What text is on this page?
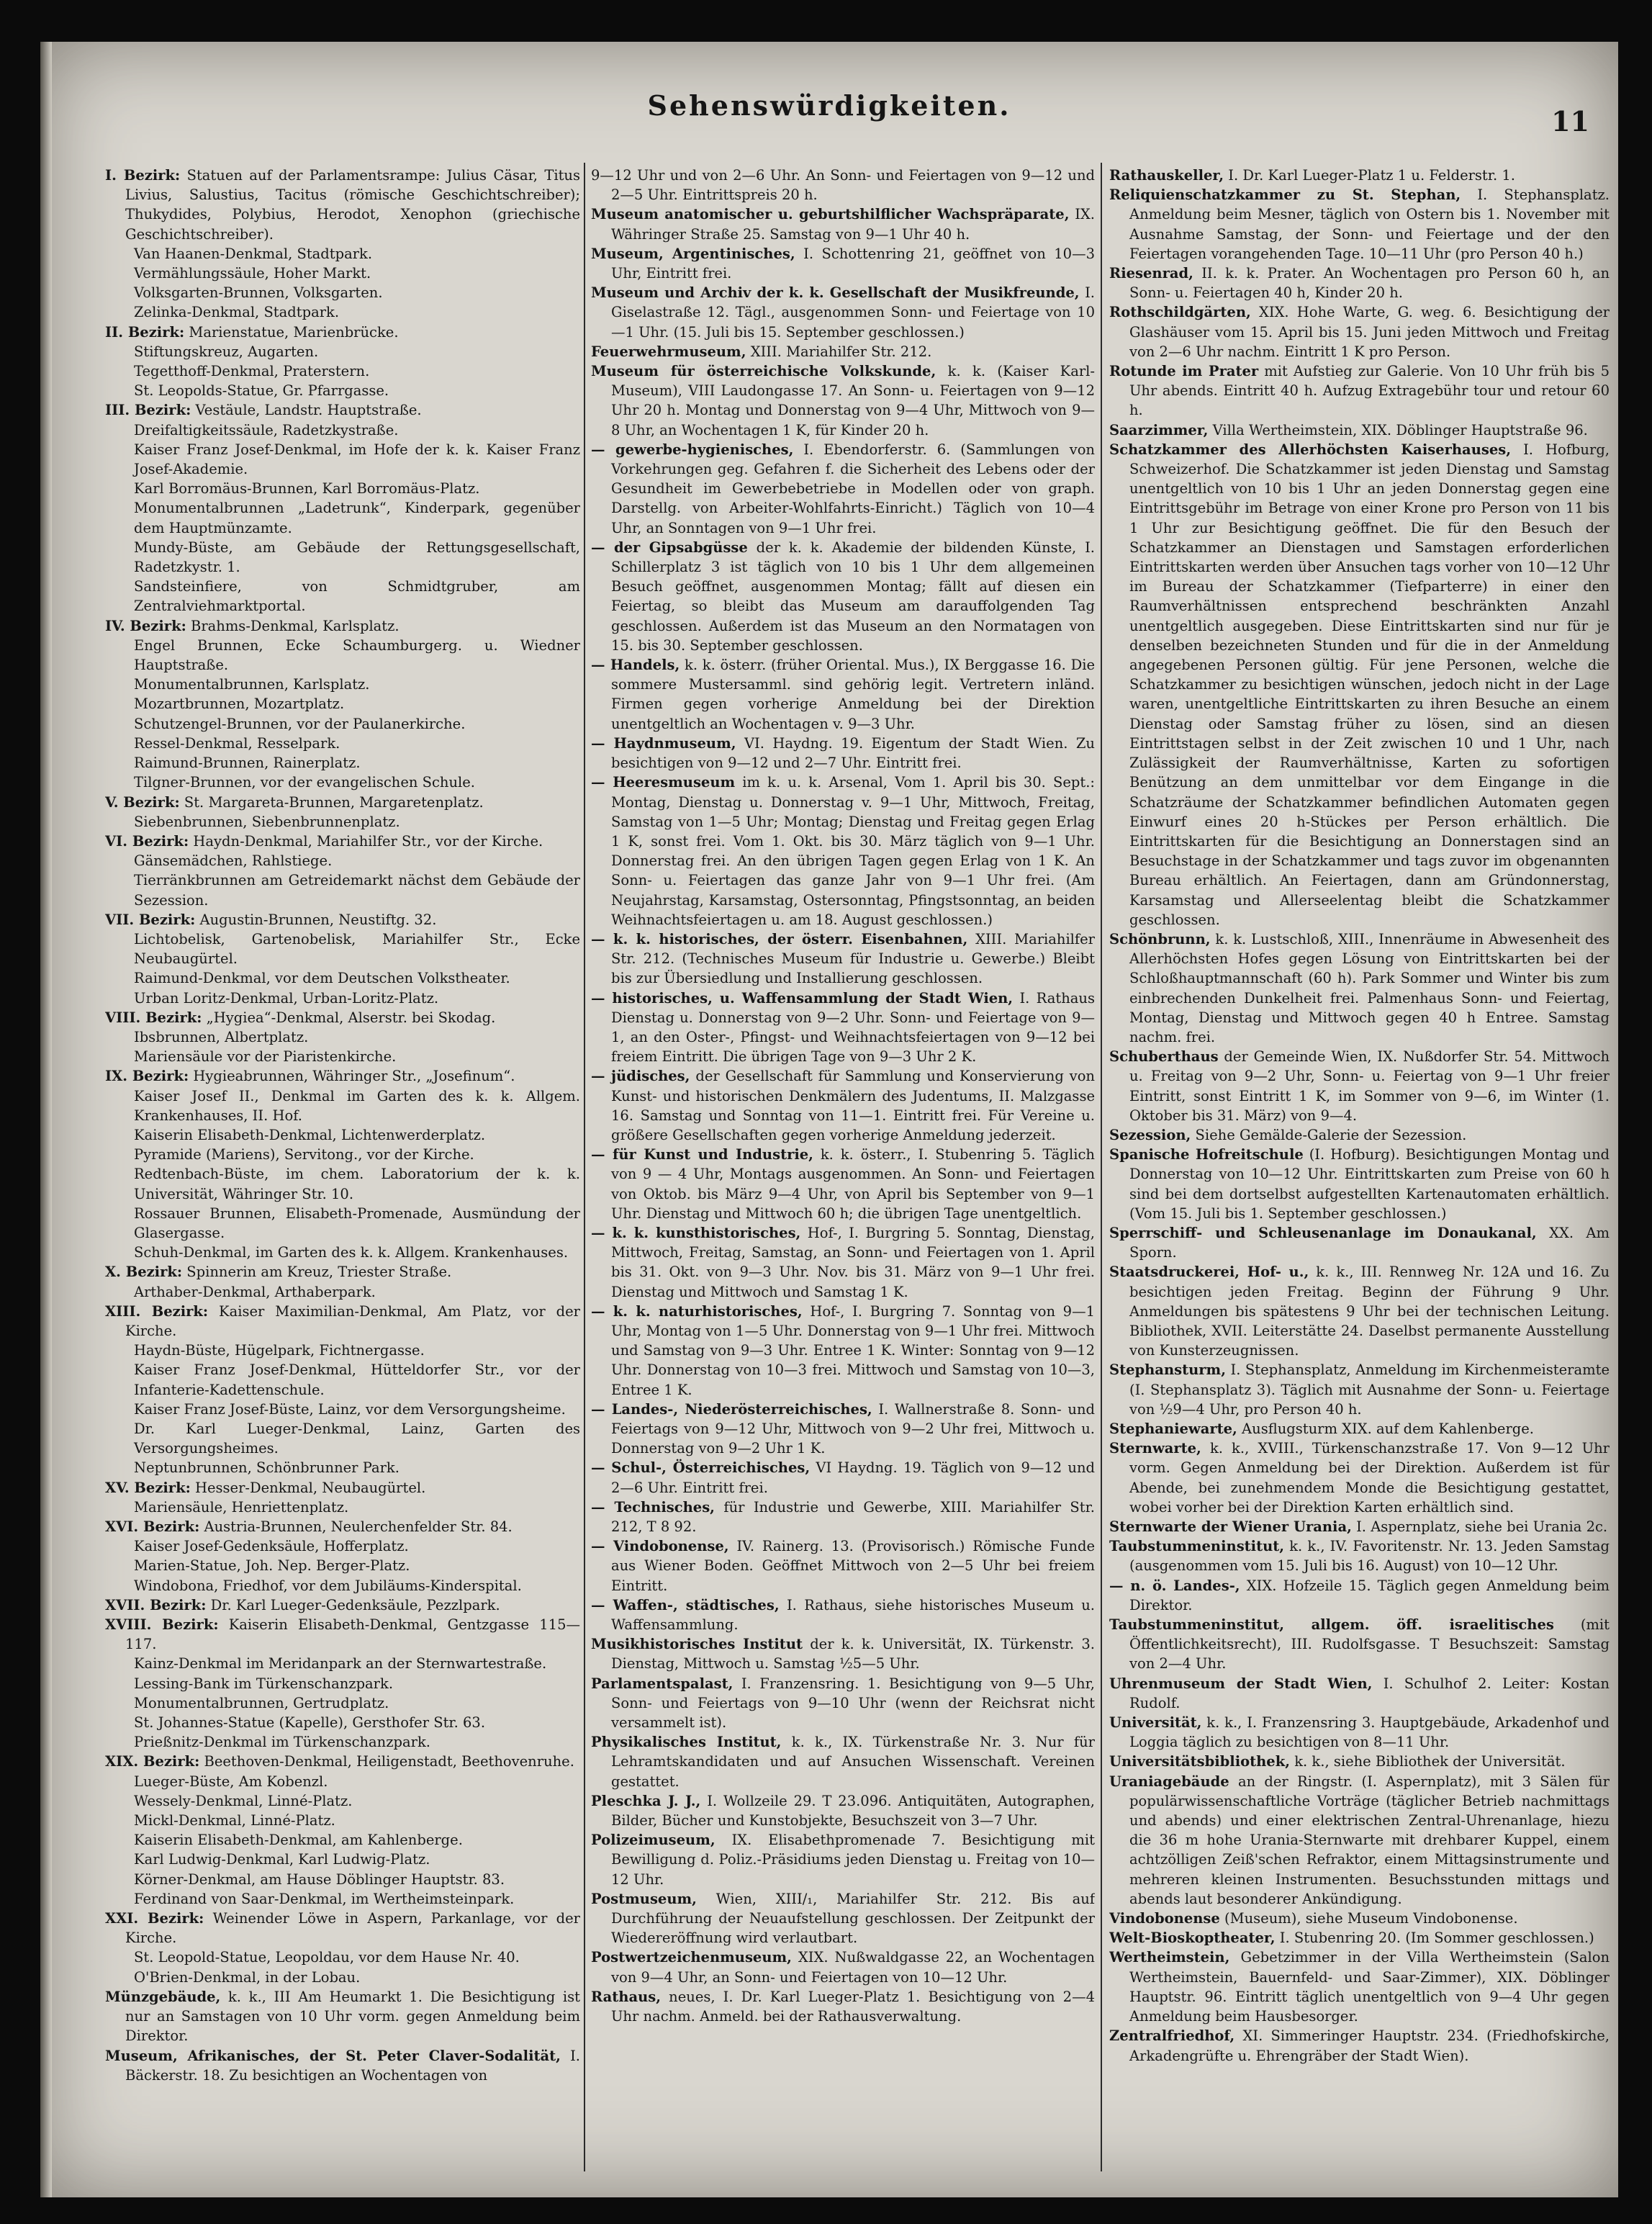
Sehenswürdigkeiten.	11

I. Bezirk: Statuen auf der Parlamentsrampe: Julius Cäsar, Titus Livius, Salustius, Tacitus (römische Geschichtschreiber); Thukydides, Polybius, Herodot, Xenophon (griechische Geschichtschreiber).

Van Haanen-Denkmal, Stadtpark.

Vermählungssäule, Hoher Markt.

Volksgarten-Brunnen, Volksgarten.

Zelinka-Denkmal, Stadtpark.

II. Bezirk: Marienstatue, Marienbrücke.

Stiftungskreuz, Augarten.

Tegetthoff-Denkmal, Praterstern.

St. Leopolds-Statue, Gr. Pfarrgasse.

III. Bezirk: Vestäule, Landstr. Hauptstraße.

Dreifaltigkeitssäule, Radetzkystraße.

Kaiser Franz Josef-Denkmal, im Hofe der k. k. Kaiser Franz Josef-Akademie.

Karl Borromäus-Brunnen, Karl Borromäus-Platz.

Monumentalbrunnen „Ladetrunk“, Kinderpark, gegenüber dem Hauptmünzamte.

Mundy-Büste, am Gebäude der Rettungsgesellschaft, Radetzkystr. 1.

Sandsteinfiere, von Schmidtgruber, am Zentralviehmarktportal.

IV. Bezirk: Brahms-Denkmal, Karlsplatz.

Engel Brunnen, Ecke Schaumburgerg. u. Wiedner Hauptstraße.

Monumentalbrunnen, Karlsplatz.

Mozartbrunnen, Mozartplatz.

Schutzengel-Brunnen, vor der Paulanerkirche.

Ressel-Denkmal, Resselpark.

Raimund-Brunnen, Rainerplatz.

Tilgner-Brunnen, vor der evangelischen Schule.

V. Bezirk: St. Margareta-Brunnen, Margaretenplatz.

Siebenbrunnen, Siebenbrunnenplatz.

VI. Bezirk: Haydn-Denkmal, Mariahilfer Str., vor der Kirche.

Gänsemädchen, Rahlstiege.

Tierränkbrunnen am Getreidemarkt nächst dem Gebäude der Sezession.

VII. Bezirk: Augustin-Brunnen, Neustiftg. 32.

Lichtobelisk, Gartenobelisk, Mariahilfer Str., Ecke Neubaugürtel.

Raimund-Denkmal, vor dem Deutschen Volkstheater.

Urban Loritz-Denkmal, Urban-Loritz-Platz.

VIII. Bezirk: „Hygiea“-Denkmal, Alserstr. bei Skodag.

Ibsbrunnen, Albertplatz.

Mariensäule vor der Piaristenkirche.

IX. Bezirk: Hygieabrunnen, Währinger Str., „Josefinum“.

Kaiser Josef II., Denkmal im Garten des k. k. Allgem. Krankenhauses, II. Hof.

Kaiserin Elisabeth-Denkmal, Lichtenwerderplatz.

Pyramide (Mariens), Servitong., vor der Kirche.

Redtenbach-Büste, im chem. Laboratorium der k. k. Universität, Währinger Str. 10.

Rossauer Brunnen, Elisabeth-Promenade, Ausmündung der Glasergasse.

Schuh-Denkmal, im Garten des k. k. Allgem. Krankenhauses.

X. Bezirk: Spinnerin am Kreuz, Triester Straße.

Arthaber-Denkmal, Arthaberpark.

XIII. Bezirk: Kaiser Maximilian-Denkmal, Am Platz, vor der Kirche.

Haydn-Büste, Hügelpark, Fichtnergasse.

Kaiser Franz Josef-Denkmal, Hütteldorfer Str., vor der Infanterie-Kadettenschule.

Kaiser Franz Josef-Büste, Lainz, vor dem Versorgungsheime.

Dr. Karl Lueger-Denkmal, Lainz, Garten des Versorgungsheimes.

Neptunbrunnen, Schönbrunner Park.

XV. Bezirk: Hesser-Denkmal, Neubaugürtel.

Mariensäule, Henriettenplatz.

XVI. Bezirk: Austria-Brunnen, Neulerchenfelder Str. 84.

Kaiser Josef-Gedenksäule, Hofferplatz.

Marien-Statue, Joh. Nep. Berger-Platz.

Windobona, Friedhof, vor dem Jubiläums-Kinderspital.

XVII. Bezirk: Dr. Karl Lueger-Gedenksäule, Pezzlpark.

XVIII. Bezirk: Kaiserin Elisabeth-Denkmal, Gentzgasse 115—117.

Kainz-Denkmal im Meridanpark an der Sternwartestraße.

Lessing-Bank im Türkenschanzpark.

Monumentalbrunnen, Gertrudplatz.

St. Johannes-Statue (Kapelle), Gersthofer Str. 63.

Prießnitz-Denkmal im Türkenschanzpark.

XIX. Bezirk: Beethoven-Denkmal, Heiligenstadt, Beethovenruhe.

Lueger-Büste, Am Kobenzl.

Wessely-Denkmal, Linné-Platz.

Mickl-Denkmal, Linné-Platz.

Kaiserin Elisabeth-Denkmal, am Kahlenberge.

Karl Ludwig-Denkmal, Karl Ludwig-Platz.

Körner-Denkmal, am Hause Döblinger Hauptstr. 83.

Ferdinand von Saar-Denkmal, im Wertheimsteinpark.

XXI. Bezirk: Weinender Löwe in Aspern, Parkanlage, vor der Kirche.

St. Leopold-Statue, Leopoldau, vor dem Hause Nr. 40.

O'Brien-Denkmal, in der Lobau.

Münzgebäude, k. k., III Am Heumarkt 1. Die Besichtigung ist nur an Samstagen von 10 Uhr vorm. gegen Anmeldung beim Direktor.

Museum, Afrikanisches, der St. Peter Claver-Sodalität, I. Bäckerstr. 18. Zu besichtigen an Wochentagen von

9—12 Uhr und von 2—6 Uhr. An Sonn- und Feiertagen von 9—12 und 2—5 Uhr. Eintrittspreis 20 h.

Museum anatomischer u. geburtshilflicher Wachspräparate, IX. Währinger Straße 25. Samstag von 9—1 Uhr 40 h.

Museum, Argentinisches, I. Schottenring 21, geöffnet von 10—3 Uhr, Eintritt frei.

Museum und Archiv der k. k. Gesellschaft der Musikfreunde, I. Giselastraße 12. Tägl., ausgenommen Sonn- und Feiertage von 10—1 Uhr. (15. Juli bis 15. September geschlossen.)

Feuerwehrmuseum, XIII. Mariahilfer Str. 212.

Museum für österreichische Volkskunde, k. k. (Kaiser Karl-Museum), VIII Laudongasse 17. An Sonn- u. Feiertagen von 9—12 Uhr 20 h. Montag und Donnerstag von 9—4 Uhr, Mittwoch von 9—8 Uhr, an Wochentagen 1 K, für Kinder 20 h.

— gewerbe-hygienisches, I. Ebendorferstr. 6. (Sammlungen von Vorkehrungen geg. Gefahren f. die Sicherheit des Lebens oder der Gesundheit im Gewerbebetriebe in Modellen oder von graph. Darstellg. von Arbeiter-Wohlfahrts-Einricht.) Täglich von 10—4 Uhr, an Sonntagen von 9—1 Uhr frei.

— der Gipsabgüsse der k. k. Akademie der bildenden Künste, I. Schillerplatz 3 ist täglich von 10 bis 1 Uhr dem allgemeinen Besuch geöffnet, ausgenommen Montag; fällt auf diesen ein Feiertag, so bleibt das Museum am darauffolgenden Tag geschlossen. Außerdem ist das Museum an den Normatagen von 15. bis 30. September geschlossen.

— Handels, k. k. österr. (früher Oriental. Mus.), IX Berggasse 16. Die sommere Mustersamml. sind gehörig legit. Vertretern inländ. Firmen gegen vorherige Anmeldung bei der Direktion unentgeltlich an Wochentagen v. 9—3 Uhr.

— Haydnmuseum, VI. Haydng. 19. Eigentum der Stadt Wien. Zu besichtigen von 9—12 und 2—7 Uhr. Eintritt frei.

— Heeresmuseum im k. u. k. Arsenal, Vom 1. April bis 30. Sept.: Montag, Dienstag u. Donnerstag v. 9—1 Uhr, Mittwoch, Freitag, Samstag von 1—5 Uhr; Montag; Dienstag und Freitag gegen Erlag 1 K, sonst frei. Vom 1. Okt. bis 30. März täglich von 9—1 Uhr. Donnerstag frei. An den übrigen Tagen gegen Erlag von 1 K. An Sonn- u. Feiertagen das ganze Jahr von 9—1 Uhr frei. (Am Neujahrstag, Karsamstag, Ostersonntag, Pfingstsonntag, an beiden Weihnachtsfeiertagen u. am 18. August geschlossen.)

— k. k. historisches, der österr. Eisenbahnen, XIII. Mariahilfer Str. 212. (Technisches Museum für Industrie u. Gewerbe.) Bleibt bis zur Übersiedlung und Installierung geschlossen.

— historisches, u. Waffensammlung der Stadt Wien, I. Rathaus Dienstag u. Donnerstag von 9—2 Uhr. Sonn- und Feiertage von 9—1, an den Oster-, Pfingst- und Weihnachtsfeiertagen von 9—12 bei freiem Eintritt. Die übrigen Tage von 9—3 Uhr 2 K.

— jüdisches, der Gesellschaft für Sammlung und Konservierung von Kunst- und historischen Denkmälern des Judentums, II. Malzgasse 16. Samstag und Sonntag von 11—1. Eintritt frei. Für Vereine u. größere Gesellschaften gegen vorherige Anmeldung jederzeit.

— für Kunst und Industrie, k. k. österr., I. Stubenring 5. Täglich von 9 — 4 Uhr, Montags ausgenommen. An Sonn- und Feiertagen von Oktob. bis März 9—4 Uhr, von April bis September von 9—1 Uhr. Dienstag und Mittwoch 60 h; die übrigen Tage unentgeltlich.

— k. k. kunsthistorisches, Hof-, I. Burgring 5. Sonntag, Dienstag, Mittwoch, Freitag, Samstag, an Sonn- und Feiertagen von 1. April bis 31. Okt. von 9—3 Uhr. Nov. bis 31. März von 9—1 Uhr frei. Dienstag und Mittwoch und Samstag 1 K.

— k. k. naturhistorisches, Hof-, I. Burgring 7. Sonntag von 9—1 Uhr, Montag von 1—5 Uhr. Donnerstag von 9—1 Uhr frei. Mittwoch und Samstag von 9—3 Uhr. Entree 1 K. Winter: Sonntag von 9—12 Uhr. Donnerstag von 10—3 frei. Mittwoch und Samstag von 10—3, Entree 1 K.

— Landes-, Niederösterreichisches, I. Wallnerstraße 8. Sonn- und Feiertags von 9—12 Uhr, Mittwoch von 9—2 Uhr frei, Mittwoch u. Donnerstag von 9—2 Uhr 1 K.

— Schul-, Österreichisches, VI Haydng. 19. Täglich von 9—12 und 2—6 Uhr. Eintritt frei.

— Technisches, für Industrie und Gewerbe, XIII. Mariahilfer Str. 212, T 8 92.

— Vindobonense, IV. Rainerg. 13. (Provisorisch.) Römische Funde aus Wiener Boden. Geöffnet Mittwoch von 2—5 Uhr bei freiem Eintritt.

— Waffen-, städtisches, I. Rathaus, siehe historisches Museum u. Waffensammlung.

Musikhistorisches Institut der k. k. Universität, IX. Türkenstr. 3. Dienstag, Mittwoch u. Samstag ½5—5 Uhr.

Parlamentspalast, I. Franzensring. 1. Besichtigung von 9—5 Uhr, Sonn- und Feiertags von 9—10 Uhr (wenn der Reichsrat nicht versammelt ist).

Physikalisches Institut, k. k., IX. Türkenstraße Nr. 3. Nur für Lehramtskandidaten und auf Ansuchen Wissenschaft. Vereinen gestattet.

Pleschka J. J., I. Wollzeile 29. T 23.096. Antiquitäten, Autographen, Bilder, Bücher und Kunstobjekte, Besuchszeit von 3—7 Uhr.

Polizeimuseum, IX. Elisabethpromenade 7. Besichtigung mit Bewilligung d. Poliz.-Präsidiums jeden Dienstag u. Freitag von 10—12 Uhr.

Postmuseum, Wien, XIII/₁, Mariahilfer Str. 212. Bis auf Durchführung der Neuaufstellung geschlossen. Der Zeitpunkt der Wiedereröffnung wird verlautbart.

Postwertzeichenmuseum, XIX. Nußwaldgasse 22, an Wochentagen von 9—4 Uhr, an Sonn- und Feiertagen von 10—12 Uhr.

Rathaus, neues, I. Dr. Karl Lueger-Platz 1. Besichtigung von 2—4 Uhr nachm. Anmeld. bei der Rathausverwaltung.

Rathauskeller, I. Dr. Karl Lueger-Platz 1 u. Felderstr. 1.

Reliquienschatzkammer zu St. Stephan, I. Stephansplatz. Anmeldung beim Mesner, täglich von Ostern bis 1. November mit Ausnahme Samstag, der Sonn- und Feiertage und der den Feiertagen vorangehenden Tage. 10—11 Uhr (pro Person 40 h.)

Riesenrad, II. k. k. Prater. An Wochentagen pro Person 60 h, an Sonn- u. Feiertagen 40 h, Kinder 20 h.

Rothschildgärten, XIX. Hohe Warte, G. weg. 6. Besichtigung der Glashäuser vom 15. April bis 15. Juni jeden Mittwoch und Freitag von 2—6 Uhr nachm. Eintritt 1 K pro Person.

Rotunde im Prater mit Aufstieg zur Galerie. Von 10 Uhr früh bis 5 Uhr abends. Eintritt 40 h. Aufzug Extragebühr tour und retour 60 h.

Saarzimmer, Villa Wertheimstein, XIX. Döblinger Hauptstraße 96.

Schatzkammer des Allerhöchsten Kaiserhauses, I. Hofburg, Schweizerhof. Die Schatzkammer ist jeden Dienstag und Samstag unentgeltlich von 10 bis 1 Uhr an jeden Donnerstag gegen eine Eintrittsgebühr im Betrage von einer Krone pro Person von 11 bis 1 Uhr zur Besichtigung geöffnet. Die für den Besuch der Schatzkammer an Dienstagen und Samstagen erforderlichen Eintrittskarten werden über Ansuchen tags vorher von 10—12 Uhr im Bureau der Schatzkammer (Tiefparterre) in einer den Raumverhältnissen entsprechend beschränkten Anzahl unentgeltlich ausgegeben. Diese Eintrittskarten sind nur für je denselben bezeichneten Stunden und für die in der Anmeldung angegebenen Personen gültig. Für jene Personen, welche die Schatzkammer zu besichtigen wünschen, jedoch nicht in der Lage waren, unentgeltliche Eintrittskarten zu ihren Besuche an einem Dienstag oder Samstag früher zu lösen, sind an diesen Eintrittstagen selbst in der Zeit zwischen 10 und 1 Uhr, nach Zulässigkeit der Raumverhältnisse, Karten zu sofortigen Benützung an dem unmittelbar vor dem Eingange in die Schatzräume der Schatzkammer befindlichen Automaten gegen Einwurf eines 20 h-Stückes per Person erhältlich. Die Eintrittskarten für die Besichtigung an Donnerstagen sind an Besuchstage in der Schatzkammer und tags zuvor im obgenannten Bureau erhältlich. An Feiertagen, dann am Gründonnerstag, Karsamstag und Allerseelentag bleibt die Schatzkammer geschlossen.

Schönbrunn, k. k. Lustschloß, XIII., Innenräume in Abwesenheit des Allerhöchsten Hofes gegen Lösung von Eintrittskarten bei der Schloßhauptmannschaft (60 h). Park Sommer und Winter bis zum einbrechenden Dunkelheit frei. Palmenhaus Sonn- und Feiertag, Montag, Dienstag und Mittwoch gegen 40 h Entree. Samstag nachm. frei.

Schuberthaus der Gemeinde Wien, IX. Nußdorfer Str. 54. Mittwoch u. Freitag von 9—2 Uhr, Sonn- u. Feiertag von 9—1 Uhr freier Eintritt, sonst Eintritt 1 K, im Sommer von 9—6, im Winter (1. Oktober bis 31. März) von 9—4.

Sezession, Siehe Gemälde-Galerie der Sezession.

Spanische Hofreitschule (I. Hofburg). Besichtigungen Montag und Donnerstag von 10—12 Uhr. Eintrittskarten zum Preise von 60 h sind bei dem dortselbst aufgestellten Kartenautomaten erhältlich. (Vom 15. Juli bis 1. September geschlossen.)

Sperrschiff- und Schleusenanlage im Donaukanal, XX. Am Sporn.

Staatsdruckerei, Hof- u., k. k., III. Rennweg Nr. 12A und 16. Zu besichtigen jeden Freitag. Beginn der Führung 9 Uhr. Anmeldungen bis spätestens 9 Uhr bei der technischen Leitung. Bibliothek, XVII. Leiterstätte 24. Daselbst permanente Ausstellung von Kunsterzeugnissen.

Stephansturm, I. Stephansplatz, Anmeldung im Kirchenmeisteramte (I. Stephansplatz 3). Täglich mit Ausnahme der Sonn- u. Feiertage von ½9—4 Uhr, pro Person 40 h.

Stephaniewarte, Ausflugsturm XIX. auf dem Kahlenberge.

Sternwarte, k. k., XVIII., Türkenschanzstraße 17. Von 9—12 Uhr vorm. Gegen Anmeldung bei der Direktion. Außerdem ist für Abende, bei zunehmendem Monde die Besichtigung gestattet, wobei vorher bei der Direktion Karten erhältlich sind.

Sternwarte der Wiener Urania, I. Aspernplatz, siehe bei Urania 2c.

Taubstummeninstitut, k. k., IV. Favoritenstr. Nr. 13. Jeden Samstag (ausgenommen vom 15. Juli bis 16. August) von 10—12 Uhr.

— n. ö. Landes-, XIX. Hofzeile 15. Täglich gegen Anmeldung beim Direktor.

Taubstummeninstitut, allgem. öff. israelitisches (mit Öffentlichkeitsrecht), III. Rudolfsgasse. T Besuchszeit: Samstag von 2—4 Uhr.

Uhrenmuseum der Stadt Wien, I. Schulhof 2. Leiter: Kostan Rudolf.

Universität, k. k., I. Franzensring 3. Hauptgebäude, Arkadenhof und Loggia täglich zu besichtigen von 8—11 Uhr.

Universitätsbibliothek, k. k., siehe Bibliothek der Universität.

Uraniagebäude an der Ringstr. (I. Aspernplatz), mit 3 Sälen für populärwissenschaftliche Vorträge (täglicher Betrieb nachmittags und abends) und einer elektrischen Zentral-Uhrenanlage, hiezu die 36 m hohe Urania-Sternwarte mit drehbarer Kuppel, einem achtzölligen Zeiß'schen Refraktor, einem Mittagsinstrumente und mehreren kleinen Instrumenten. Besuchsstunden mittags und abends laut besonderer Ankündigung.

Vindobonense (Museum), siehe Museum Vindobonense.

Welt-Bioskoptheater, I. Stubenring 20. (Im Sommer geschlossen.)

Wertheimstein, Gebetzimmer in der Villa Wertheimstein (Salon Wertheimstein, Bauernfeld- und Saar-Zimmer), XIX. Döblinger Hauptstr. 96. Eintritt täglich unentgeltlich von 9—4 Uhr gegen Anmeldung beim Hausbesorger.

Zentralfriedhof, XI. Simmeringer Hauptstr. 234. (Friedhofskirche, Arkadengrüfte u. Ehrengräber der Stadt Wien).
